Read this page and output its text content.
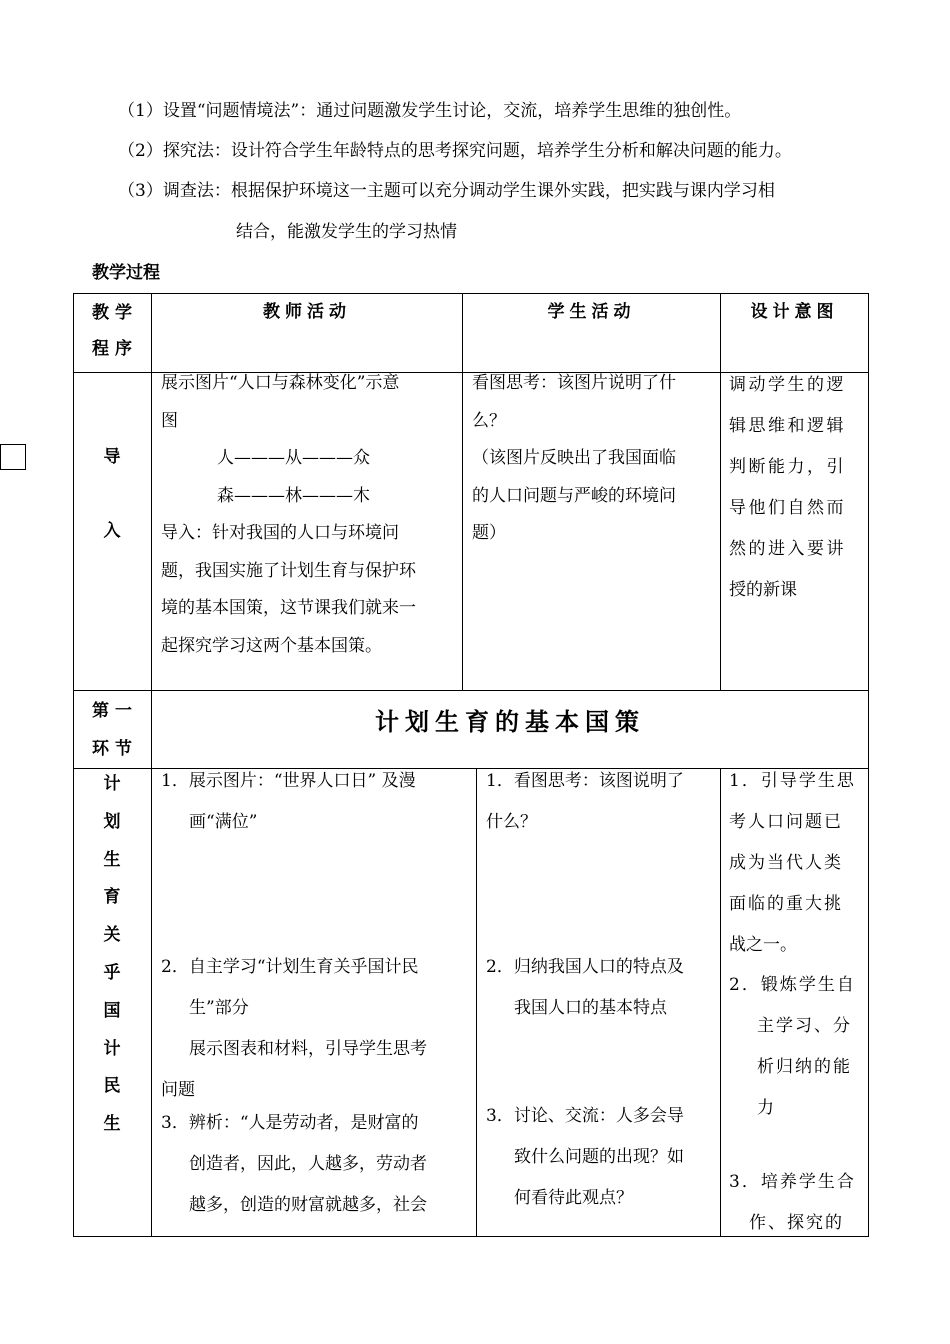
（1）设置“问题情境法”：通过问题激发学生讨论，交流，培养学生思维的独创性。
（2）探究法：设计符合学生年龄特点的思考探究问题，培养学生分析和解决问题的能力。
（3）调查法：根据保护环境这一主题可以充分调动学生课外实践，把实践与课内学习相
结合，能激发学生的学习热情
教学过程
教 学
程 序
教师活动	学生活动	设计意图
导
入
展示图片“人口与森林变化”示意
图
人———从———众
森———林———木
导入：针对我国的人口与环境问
题，我国实施了计划生育与保护环
境的基本国策，这节课我们就来一
起探究学习这两个基本国策。
看图思考：该图片说明了什
么？
（该图片反映出了我国面临
的人口问题与严峻的环境问
题）
调动学生的逻
辑思维和逻辑
判断能力，引
导他们自然而
然的进入要讲
授的新课
第 一
环 节
计划生育的基本国策
计
划
生
育
关
乎
国
计
民
生
1．展示图片：“世界人口日” 及漫
画“满位”
2．自主学习“计划生育关乎国计民
生”部分
展示图表和材料，引导学生思考
问题
3．辨析：“人是劳动者，是财富的
创造者，因此，人越多，劳动者
越多，创造的财富就越多，社会
1．看图思考：该图说明了
什么？
2．归纳我国人口的特点及
我国人口的基本特点
3．讨论、交流：人多会导
致什么问题的出现？如
何看待此观点？
1．引导学生思
考人口问题已
成为当代人类
面临的重大挑
战之一。
2．锻炼学生自
主学习、分
析归纳的能
力
3．培养学生合
作、探究的
